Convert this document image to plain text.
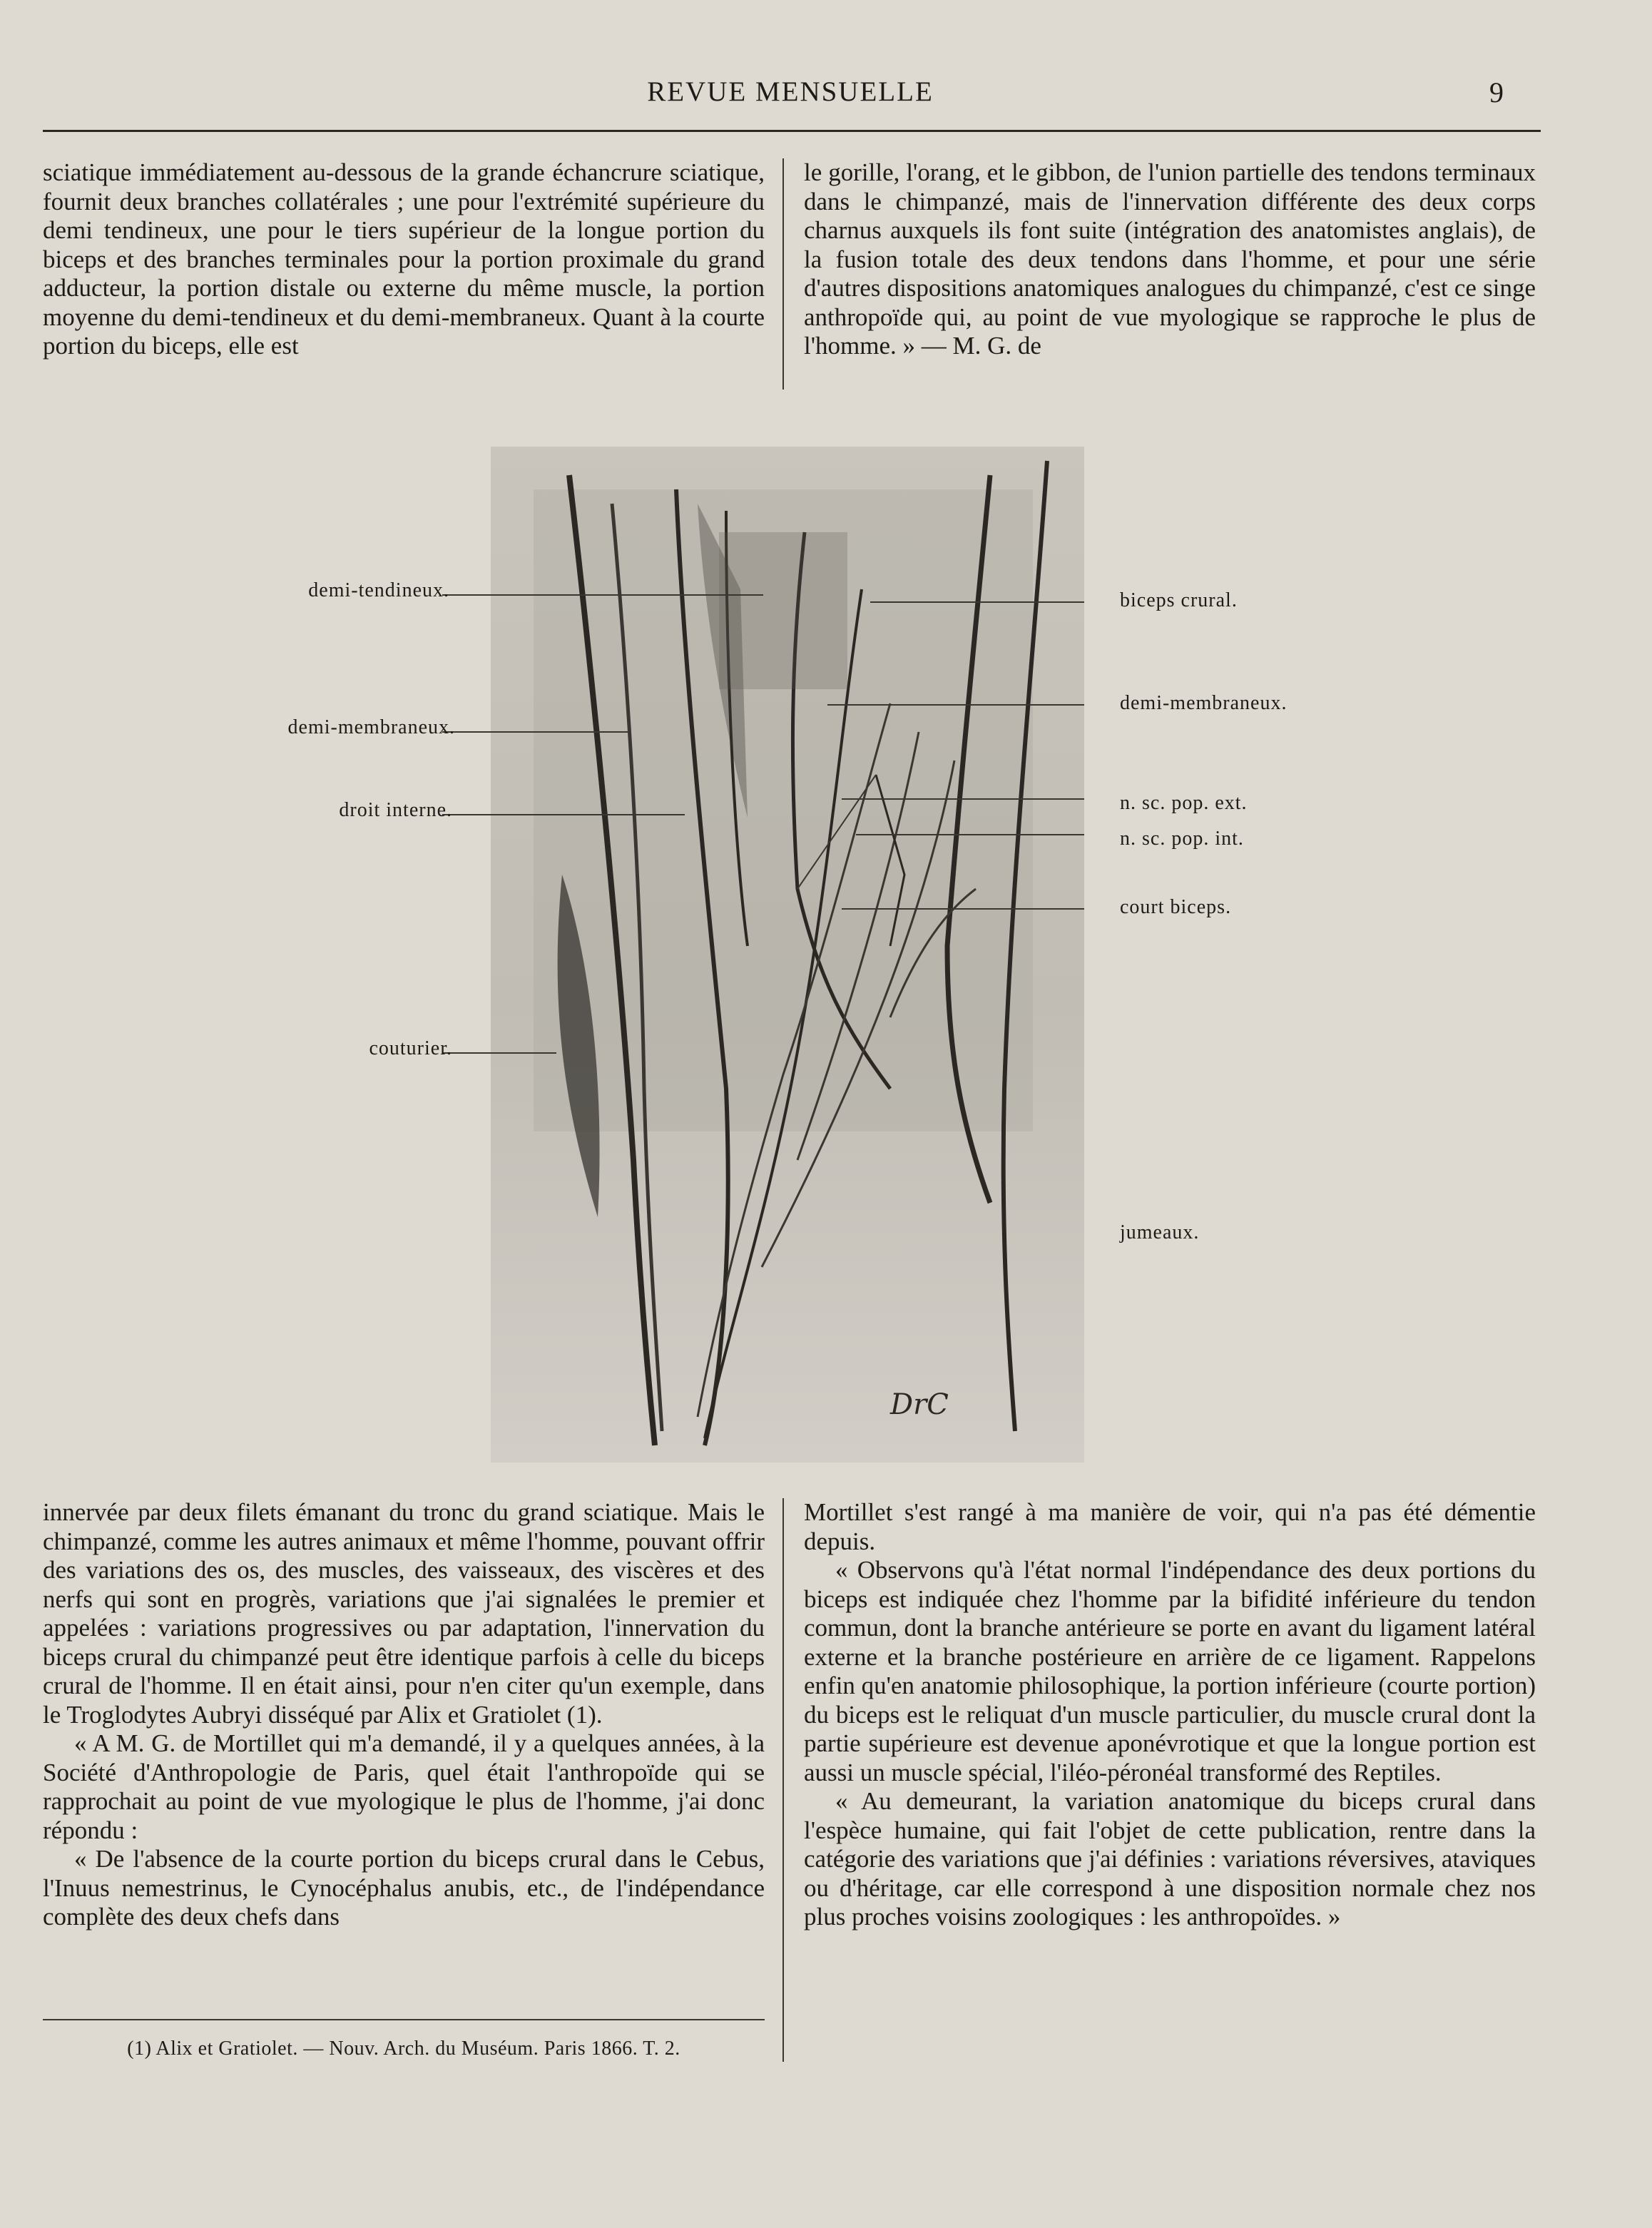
REVUE MENSUELLE	9

sciatique immédiatement au-dessous de la grande échancrure sciatique, fournit deux branches collatérales ; une pour l'extrémité supérieure du demi tendineux, une pour le tiers supérieur de la longue portion du biceps et des branches terminales pour la portion proximale du grand adducteur, la portion distale ou externe du même muscle, la portion moyenne du demi-tendineux et du demi-membraneux. Quant à la courte portion du biceps, elle est

le gorille, l'orang, et le gibbon, de l'union partielle des tendons terminaux dans le chimpanzé, mais de l'innervation différente des deux corps charnus auxquels ils font suite (intégration des anatomistes anglais), de la fusion totale des deux tendons dans l'homme, et pour une série d'autres dispositions anatomiques analogues du chimpanzé, c'est ce singe anthropoïde qui, au point de vue myologique se rapproche le plus de l'homme. » — M. G. de

DrC
demi-tendineux.
demi-membraneux.
droit interne.
couturier.
biceps crural.
demi-membraneux.
n. sc. pop. ext.
n. sc. pop. int.
court biceps.
jumeaux.

innervée par deux filets émanant du tronc du grand sciatique. Mais le chimpanzé, comme les autres animaux et même l'homme, pouvant offrir des variations des os, des muscles, des vaisseaux, des viscères et des nerfs qui sont en progrès, variations que j'ai signalées le premier et appelées : variations progressives ou par adaptation, l'innervation du biceps crural du chimpanzé peut être identique parfois à celle du biceps crural de l'homme. Il en était ainsi, pour n'en citer qu'un exemple, dans le Troglodytes Aubryi disséqué par Alix et Gratiolet (1).

« A M. G. de Mortillet qui m'a demandé, il y a quelques années, à la Société d'Anthropologie de Paris, quel était l'anthropoïde qui se rapprochait au point de vue myologique le plus de l'homme, j'ai donc répondu :

« De l'absence de la courte portion du biceps crural dans le Cebus, l'Inuus nemestrinus, le Cynocéphalus anubis, etc., de l'indépendance complète des deux chefs dans

Mortillet s'est rangé à ma manière de voir, qui n'a pas été démentie depuis.

« Observons qu'à l'état normal l'indépendance des deux portions du biceps est indiquée chez l'homme par la bifidité inférieure du tendon commun, dont la branche antérieure se porte en avant du ligament latéral externe et la branche postérieure en arrière de ce ligament. Rappelons enfin qu'en anatomie philosophique, la portion inférieure (courte portion) du biceps est le reliquat d'un muscle particulier, du muscle crural dont la partie supérieure est devenue aponévrotique et que la longue portion est aussi un muscle spécial, l'iléo-péronéal transformé des Reptiles.

« Au demeurant, la variation anatomique du biceps crural dans l'espèce humaine, qui fait l'objet de cette publication, rentre dans la catégorie des variations que j'ai définies : variations réversives, ataviques ou d'héritage, car elle correspond à une disposition normale chez nos plus proches voisins zoologiques : les anthropoïdes. »

(1) Alix et Gratiolet. — Nouv. Arch. du Muséum. Paris 1866. T. 2.
